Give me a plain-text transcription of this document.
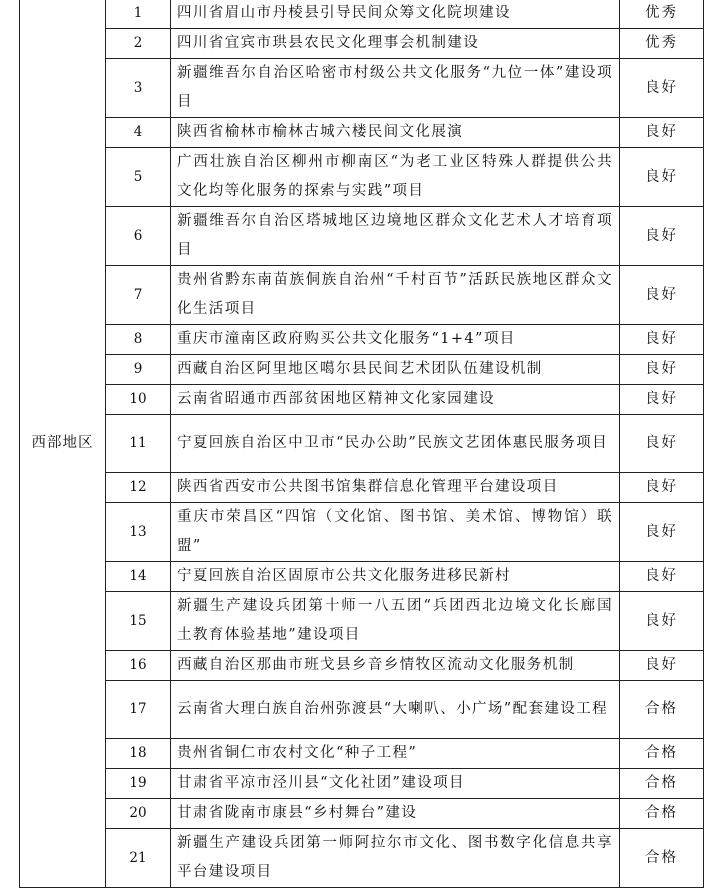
西部地区	1	四川省眉山市丹棱县引导民间众筹文化院坝建设	优秀
	2	四川省宜宾市珙县农民文化理事会机制建设	优秀
	3	新疆维吾尔自治区哈密市村级公共文化服务“九位一体”建设项目	良好
	4	陕西省榆林市榆林古城六楼民间文化展演	良好
	5	广西壮族自治区柳州市柳南区“为老工业区特殊人群提供公共文化均等化服务的探索与实践”项目	良好
	6	新疆维吾尔自治区塔城地区边境地区群众文化艺术人才培育项目	良好
	7	贵州省黔东南苗族侗族自治州“千村百节”活跃民族地区群众文化生活项目	良好
	8	重庆市潼南区政府购买公共文化服务“1+4”项目	良好
	9	西藏自治区阿里地区噶尔县民间艺术团队伍建设机制	良好
	10	云南省昭通市西部贫困地区精神文化家园建设	良好
	11	宁夏回族自治区中卫市“民办公助”民族文艺团体惠民服务项目	良好
	12	陕西省西安市公共图书馆集群信息化管理平台建设项目	良好
	13	重庆市荣昌区“四馆（文化馆、图书馆、美术馆、博物馆）联盟”	良好
	14	宁夏回族自治区固原市公共文化服务进移民新村	良好
	15	新疆生产建设兵团第十师一八五团“兵团西北边境文化长廊国土教育体验基地”建设项目	良好
	16	西藏自治区那曲市班戈县乡音乡情牧区流动文化服务机制	良好
	17	云南省大理白族自治州弥渡县“大喇叭、小广场”配套建设工程	合格
	18	贵州省铜仁市农村文化“种子工程”	合格
	19	甘肃省平凉市泾川县“文化社团”建设项目	合格
	20	甘肃省陇南市康县“乡村舞台”建设	合格
	21	新疆生产建设兵团第一师阿拉尔市文化、图书数字化信息共享平台建设项目	合格
